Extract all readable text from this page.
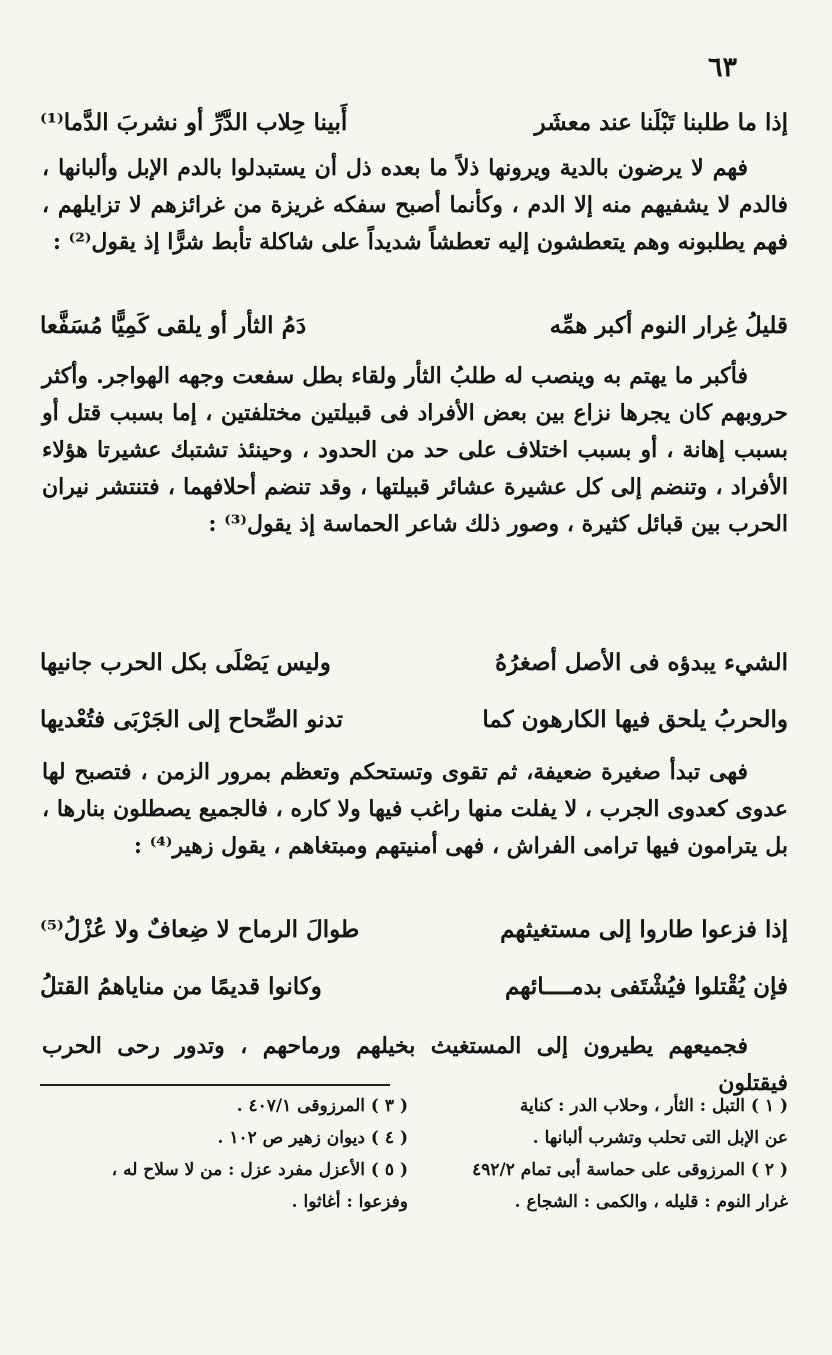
٦٣
إذا ما طلبنا تَبْلَنا عند معشَر
أَبينا حِلاب الدَّرِّ أو نشربَ الدَّما⁽¹⁾

فهم لا يرضون بالدية ويرونها ذلاً ما بعده ذل أن يستبدلوا بالدم الإبل وألبانها ، فالدم لا يشفيهم منه إلا الدم ، وكأنما أصبح سفكه غريزة من غرائزهم لا تزايلهم ، فهم يطلبونه وهم يتعطشون إليه تعطشاً شديداً على شاكلة تأبط شرًّا إذ يقول⁽²⁾ :

قليلُ غِرار النوم أكبر همِّه
دَمُ الثأر أو يلقى كَمِيًّا مُسَفَّعا

فأكبر ما يهتم به وينصب له طلبُ الثأر ولقاء بطل سفعت وجهه الهواجر. وأكثر حروبهم كان يجرها نزاع بين بعض الأفراد فى قبيلتين مختلفتين ، إما بسبب قتل أو بسبب إهانة ، أو بسبب اختلاف على حد من الحدود ، وحينئذ تشتبك عشيرتا هؤلاء الأفراد ، وتنضم إلى كل عشيرة عشائر قبيلتها ، وقد تنضم أحلافهما ، فتنتشر نيران الحرب بين قبائل كثيرة ، وصور ذلك شاعر الحماسة إذ يقول⁽³⁾ :

الشيء يبدؤه فى الأصل أصغرُهُ
وليس يَصْلَى بكل الحرب جانيها
والحربُ يلحق فيها الكارهون كما
تدنو الصِّحاح إلى الجَرْبَى فتُعْديها

فهى تبدأ صغيرة ضعيفة، ثم تقوى وتستحكم وتعظم بمرور الزمن ، فتصبح لها عدوى كعدوى الجرب ، لا يفلت منها راغب فيها ولا كاره ، فالجميع يصطلون بنارها ، بل يترامون فيها ترامى الفراش ، فهى أمنيتهم ومبتغاهم ، يقول زهير⁽⁴⁾ :

إذا فزعوا طاروا إلى مستغيثهم
طوالَ الرماح لا ضِعافٌ ولا عُزْلُ⁽⁵⁾
فإن يُقْتلوا فيُشْتَفى بدمــــائهم
وكانوا قديمًا من مناياهمُ القتلُ

فجميعهم يطيرون إلى المستغيث بخيلهم ورماحهم ، وتدور رحى الحرب فيقتلون

( ١ ) التبل : الثأر ، وحلاب الدر : كناية
عن الإبل التى تحلب وتشرب ألبانها .
( ٢ ) المرزوقى على حماسة أبى تمام ٤٩٢/٢
غرار النوم : قليله ، والكمى : الشجاع .
( ٣ ) المرزوقى ٤٠٧/١ .
( ٤ ) ديوان زهير ص ١٠٢ .
( ٥ ) الأعزل مفرد عزل : من لا سلاح له ،
وفزعوا : أغاثوا .
